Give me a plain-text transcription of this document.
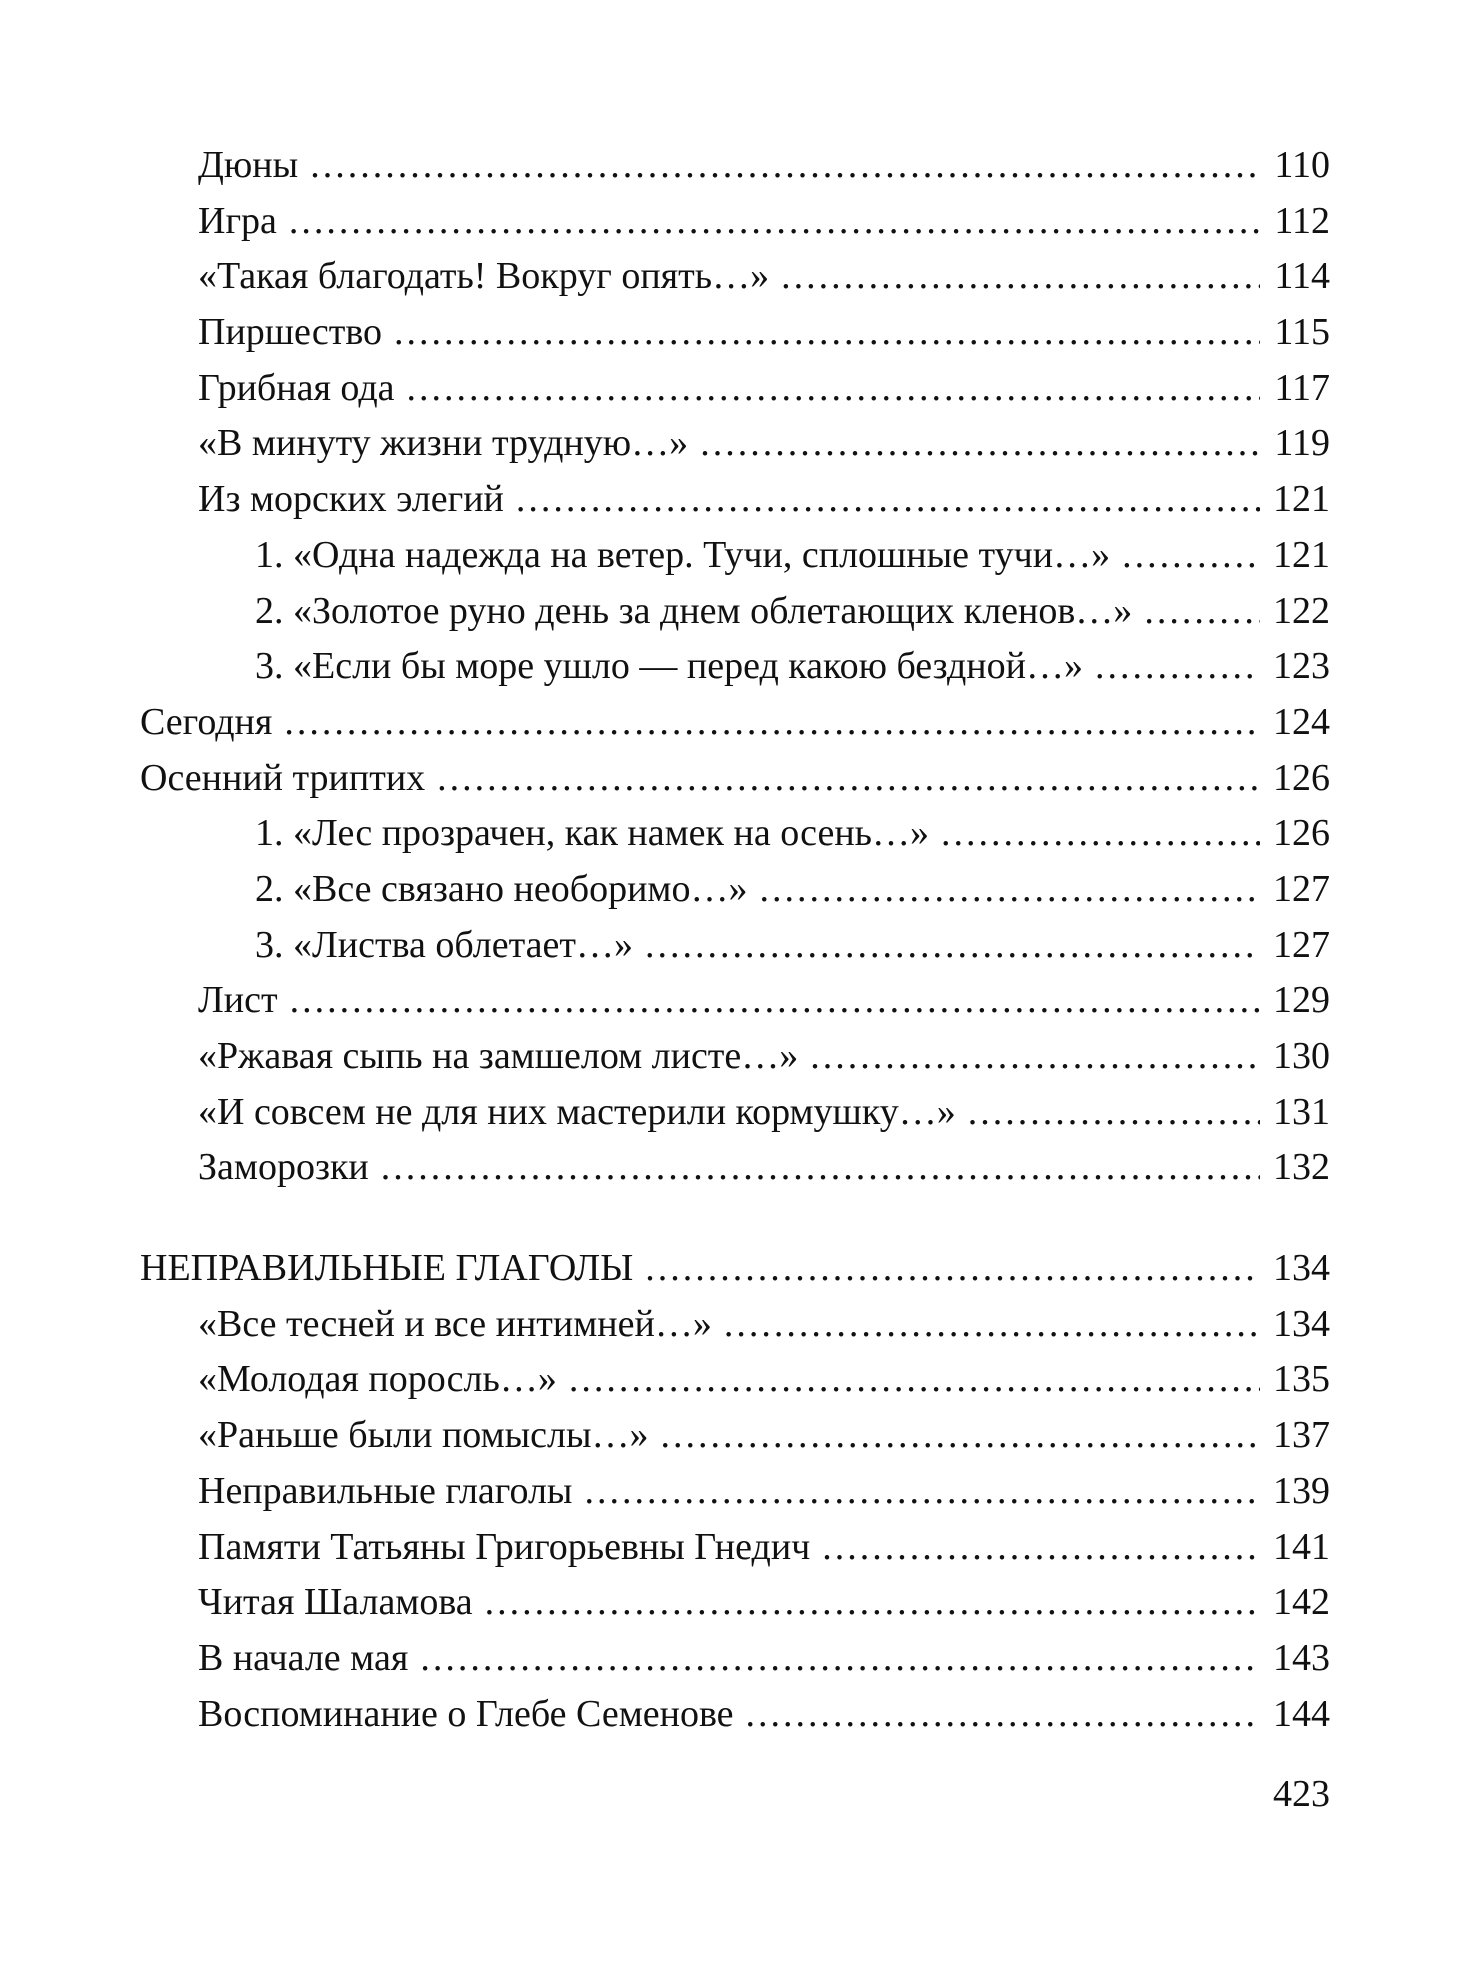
Дюны .....	110
Игра .....	112
«Такая благодать! Вокруг опять…» .....	114
Пиршество .....	115
Грибная ода .....	117
«В минуту жизни трудную…» .....	119
Из морских элегий .....	121
1. «Одна надежда на ветер. Тучи, сплошные тучи…» .....	121
2. «Золотое руно день за днем облетающих кленов…» .....	122
3. «Если бы море ушло — перед какою бездной…» .....	123
Сегодня .....	124
Осенний триптих .....	126
1. «Лес прозрачен, как намек на осень…» .....	126
2. «Все связано необоримо…» .....	127
3. «Листва облетает…» .....	127
Лист .....	129
«Ржавая сыпь на замшелом листе…» .....	130
«И совсем не для них мастерили кормушку…» .....	131
Заморозки .....	132
НЕПРАВИЛЬНЫЕ ГЛАГОЛЫ .....	134
«Все тесней и все интимней…» .....	134
«Молодая поросль…» .....	135
«Раньше были помыслы…» .....	137
Неправильные глаголы .....	139
Памяти Татьяны Григорьевны Гнедич .....	141
Читая Шаламова .....	142
В начале мая .....	143
Воспоминание о Глебе Семенове .....	144
423
